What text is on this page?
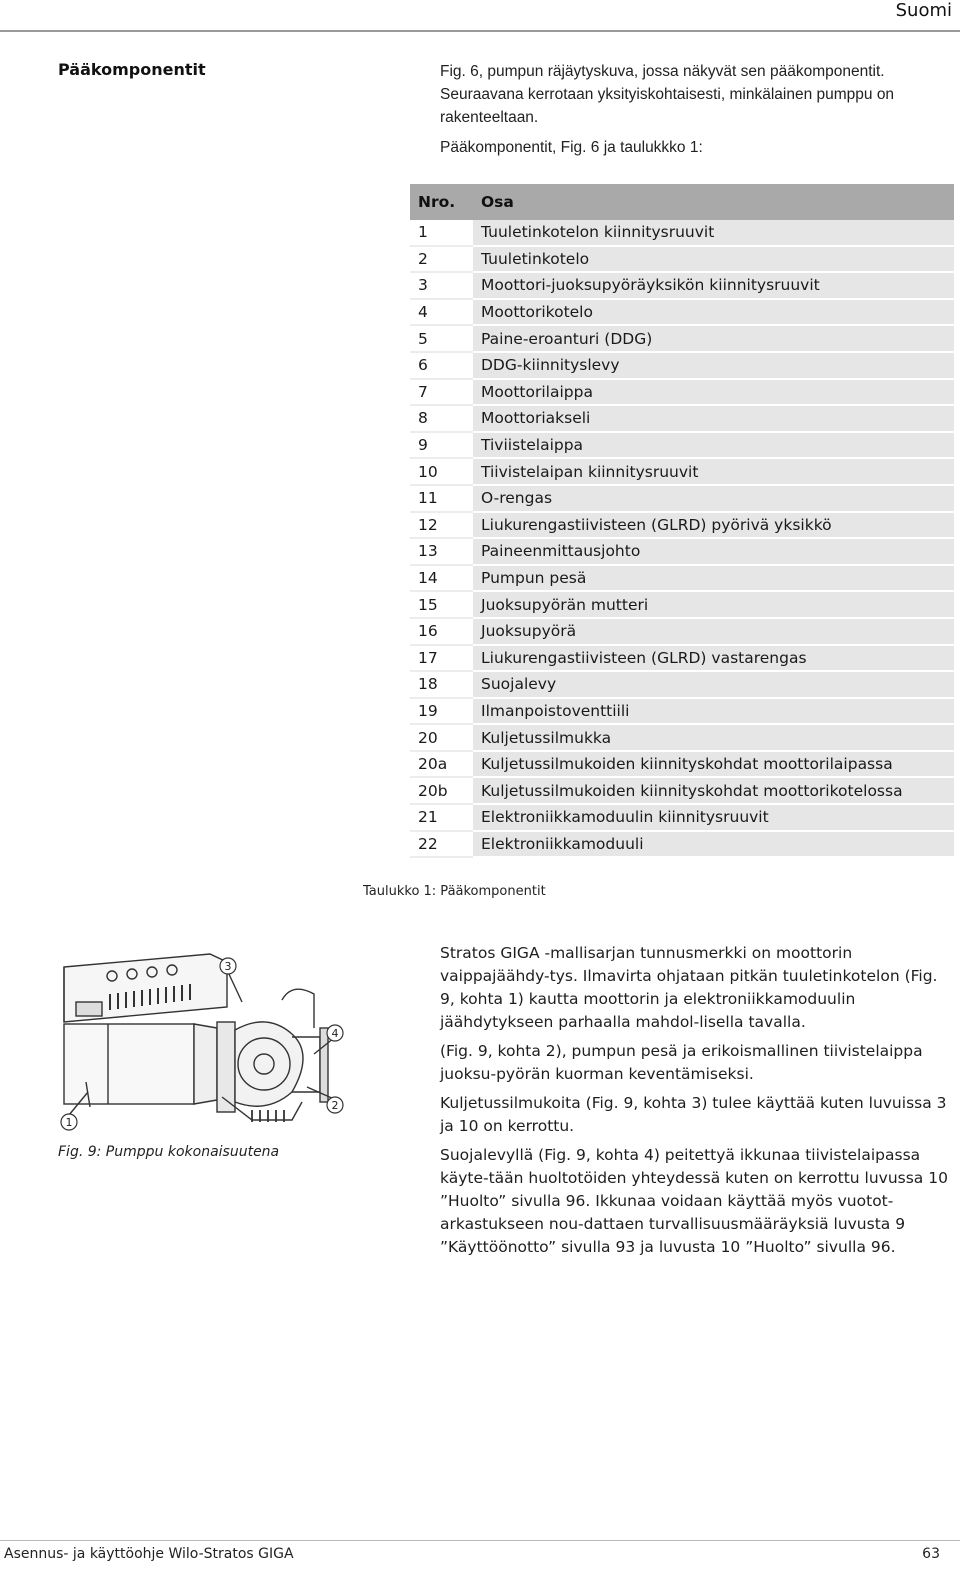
Suomi
Pääkomponentit	Fig. 6, pumpun räjäytyskuva, jossa näkyvät sen pääkomponentit. Seuraavana kerrotaan yksityiskohtaisesti, minkälainen pumppu on rakenteeltaan.

Pääkomponentit, Fig. 6 ja taulukkko 1:

Nro.	Osa
1	Tuuletinkotelon kiinnitysruuvit
2	Tuuletinkotelo
3	Moottori-juoksupyöräyksikön kiinnitysruuvit
4	Moottorikotelo
5	Paine-eroanturi (DDG)
6	DDG-kiinnityslevy
7	Moottorilaippa
8	Moottoriakseli
9	Tiviistelaippa
10	Tiivistelaipan kiinnitysruuvit
11	O-rengas
12	Liukurengastiivisteen (GLRD) pyörivä yksikkö
13	Paineenmittausjohto
14	Pumpun pesä
15	Juoksupyörän mutteri
16	Juoksupyörä
17	Liukurengastiivisteen (GLRD) vastarengas
18	Suojalevy
19	Ilmanpoistoventtiili
20	Kuljetussilmukka
20a	Kuljetussilmukoiden kiinnityskohdat moottorilaipassa
20b	Kuljetussilmukoiden kiinnityskohdat moottorikotelossa
21	Elektroniikkamoduulin kiinnitysruuvit
22	Elektroniikkamoduuli
Taulukko 1: Pääkomponentit
1
3
4
2
Fig. 9: Pumppu kokonaisuutena

Stratos GIGA -mallisarjan tunnusmerkki on moottorin vaippajäähdy-tys. Ilmavirta ohjataan pitkän tuuletinkotelon (Fig. 9, kohta 1) kautta moottorin ja elektroniikkamoduulin jäähdytykseen parhaalla mahdol-lisella tavalla.

(Fig. 9, kohta 2), pumpun pesä ja erikoismallinen tiivistelaippa juoksu-pyörän kuorman keventämiseksi.

Kuljetussilmukoita (Fig. 9, kohta 3) tulee käyttää kuten luvuissa 3 ja 10 on kerrottu.

Suojalevyllä (Fig. 9, kohta 4) peitettyä ikkunaa tiivistelaipassa käyte-tään huoltotöiden yhteydessä kuten on kerrottu luvussa 10 ”Huolto” sivulla 96. Ikkunaa voidaan käyttää myös vuototarkastukseen nou-dattaen turvallisuusmääräyksiä luvusta 9 ”Käyttöönotto” sivulla 93 ja luvusta 10 ”Huolto” sivulla 96.

Asennus- ja käyttöohje Wilo-Stratos GIGA	63
